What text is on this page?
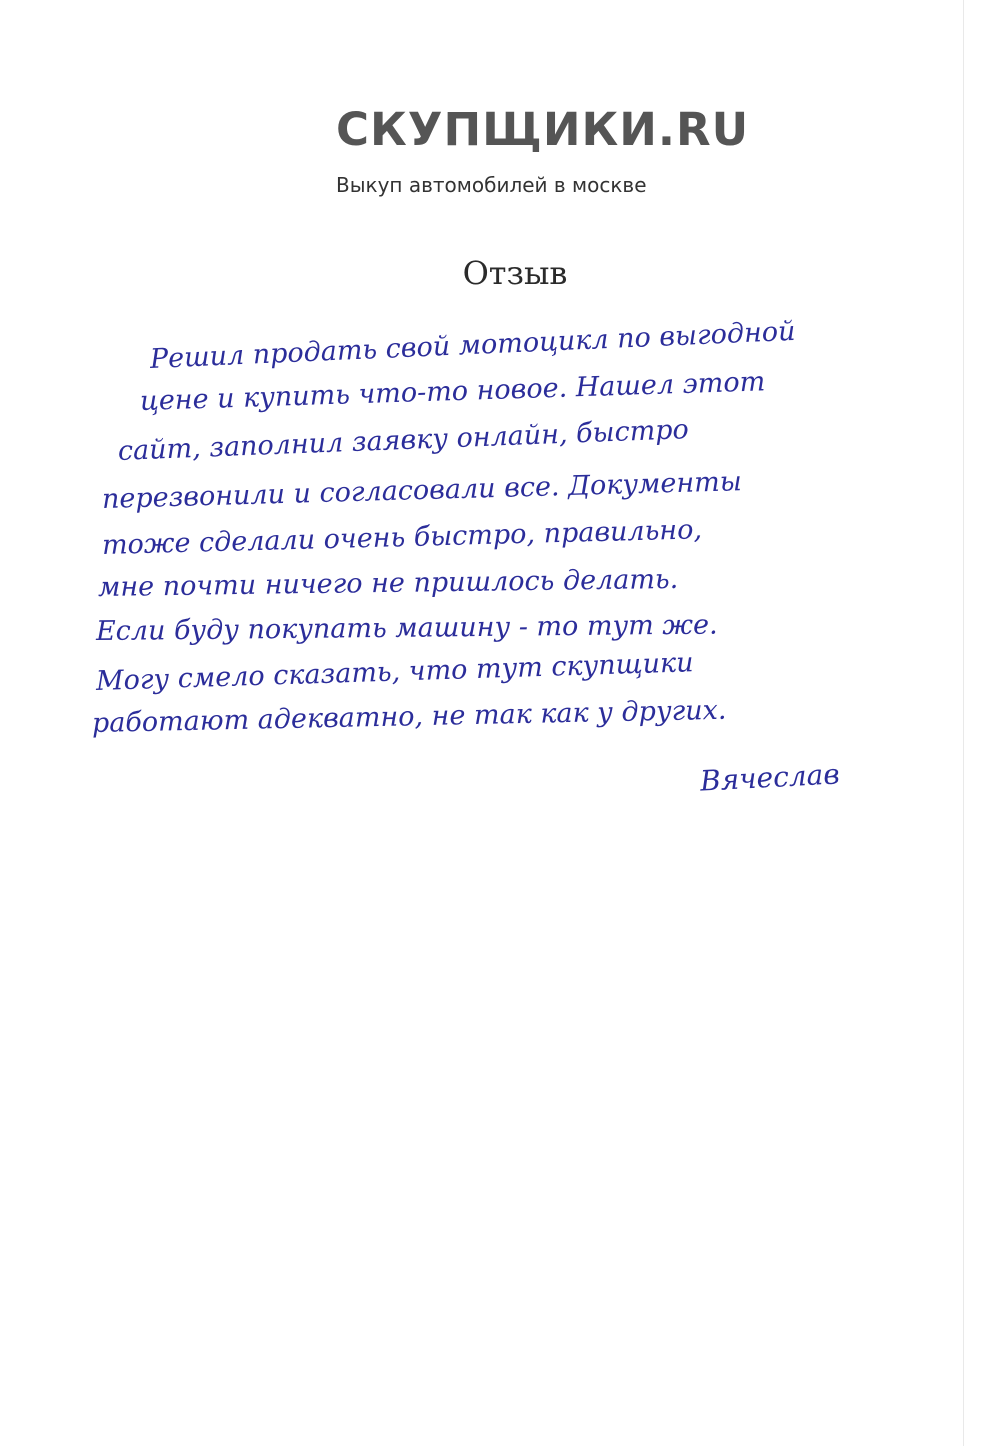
СКУПЩИКИ.RU
Выкуп автомобилей в москве
Отзыв
Решил продать свой мотоцикл по выгодной
цене и купить что-то новое. Нашел этот
сайт, заполнил заявку онлайн, быстро
перезвонили и согласовали все. Документы
тоже сделали очень быстро, правильно,
мне почти ничего не пришлось делать.
Если буду покупать машину - то тут же.
Могу смело сказать, что тут скупщики
работают адекватно, не так как у других.
Вячеслав
